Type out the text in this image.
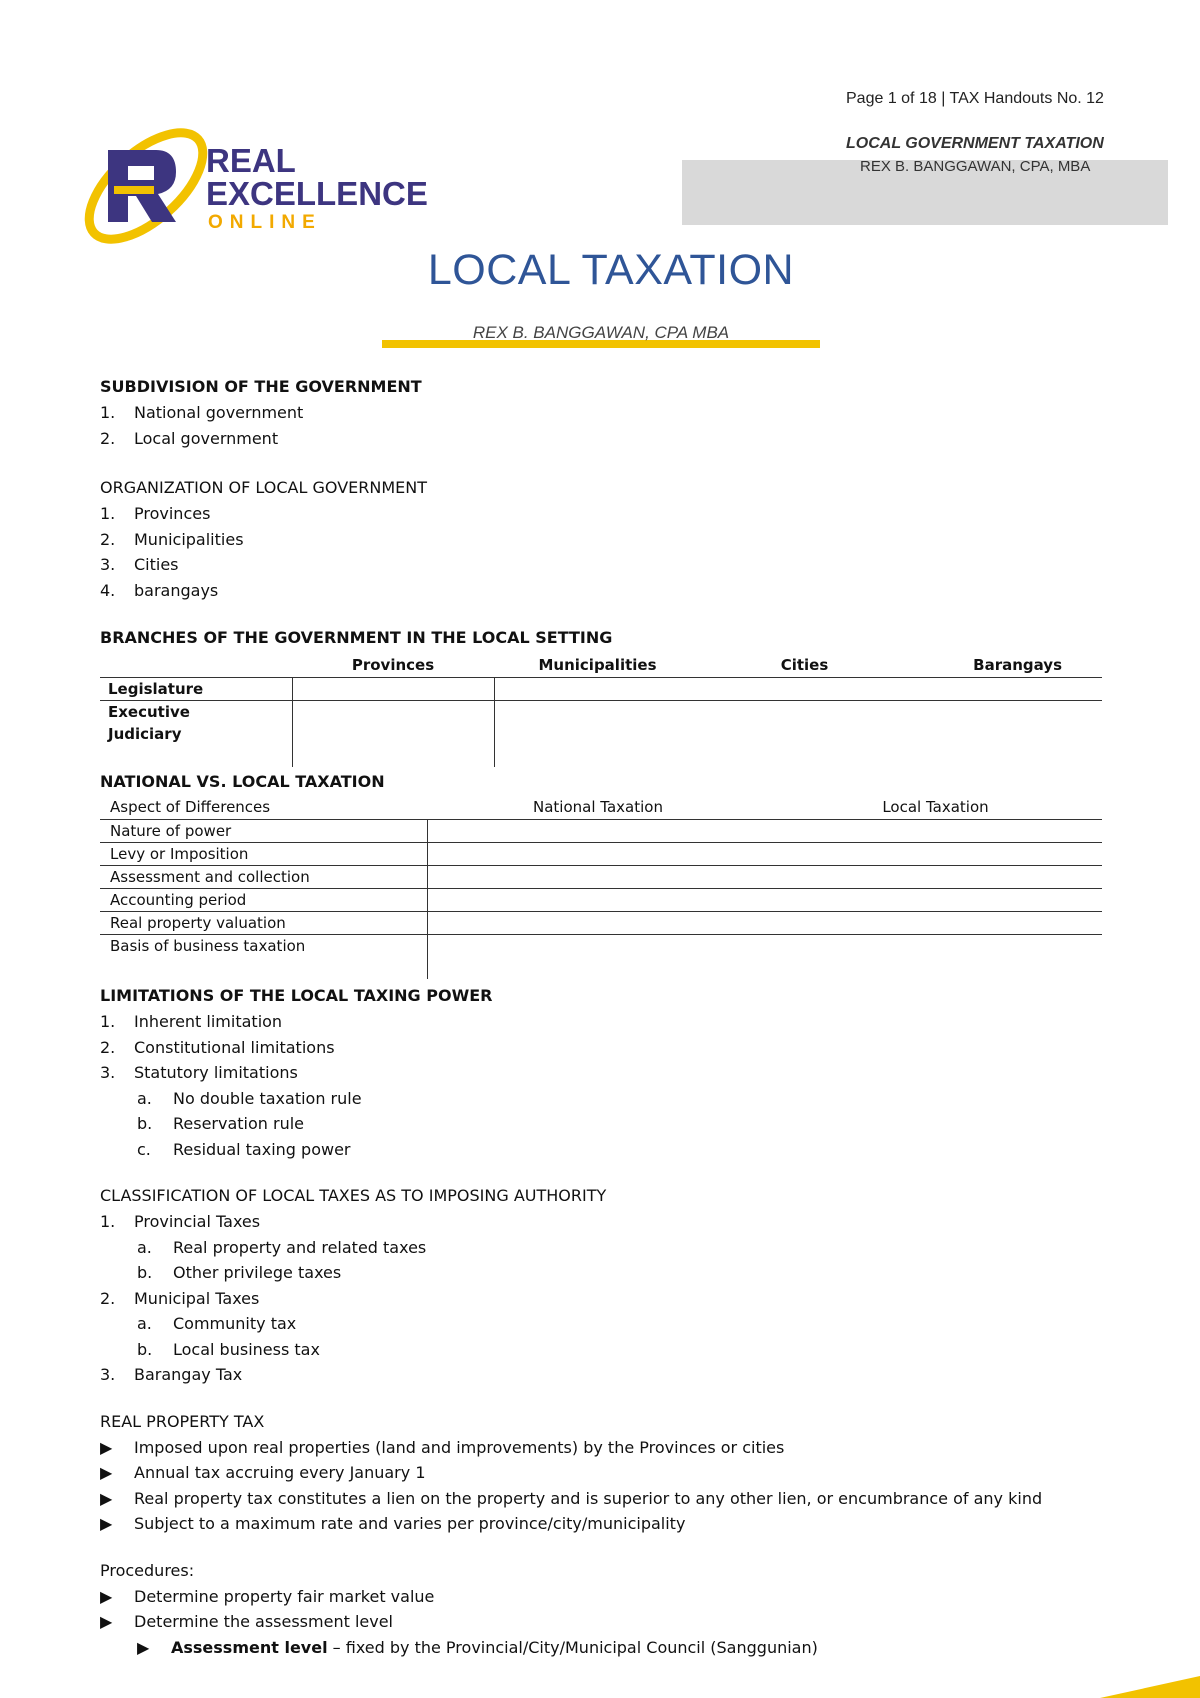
Page 1 of 18 | TAX Handouts No. 12
LOCAL GOVERNMENT TAXATION
REX B. BANGGAWAN, CPA, MBA
REAL
EXCELLENCE
ONLINE
LOCAL TAXATION
REX B. BANGGAWAN, CPA MBA
SUBDIVISION OF THE GOVERNMENT
1.	National government
2.	Local government
ORGANIZATION OF LOCAL GOVERNMENT
1.	Provinces
2.	Municipalities
3.	Cities
4.	barangays
BRANCHES OF THE GOVERNMENT IN THE LOCAL SETTING
	Provinces	Municipalities	Cities	Barangays
Legislature				
Executive				
Judiciary				

NATIONAL VS. LOCAL TAXATION
Aspect of Differences	National Taxation	Local Taxation
Nature of power		
Levy or Imposition		
Assessment and collection		
Accounting period		
Real property valuation		
Basis of business taxation		

LIMITATIONS OF THE LOCAL TAXING POWER
1.	Inherent limitation
2.	Constitutional limitations
3.	Statutory limitations
a.	No double taxation rule
b.	Reservation rule
c.	Residual taxing power
CLASSIFICATION OF LOCAL TAXES AS TO IMPOSING AUTHORITY
1.	Provincial Taxes
a.	Real property and related taxes
b.	Other privilege taxes
2.	Municipal Taxes
a.	Community tax
b.	Local business tax
3.	Barangay Tax
REAL PROPERTY TAX
▶	Imposed upon real properties (land and improvements) by the Provinces or cities
▶	Annual tax accruing every January 1
▶	Real property tax constitutes a lien on the property and is superior to any other lien, or encumbrance of any kind
▶	Subject to a maximum rate and varies per province/city/municipality
Procedures:
▶	Determine property fair market value
▶	Determine the assessment level
▶	Assessment level – fixed by the Provincial/City/Municipal Council (Sanggunian)
